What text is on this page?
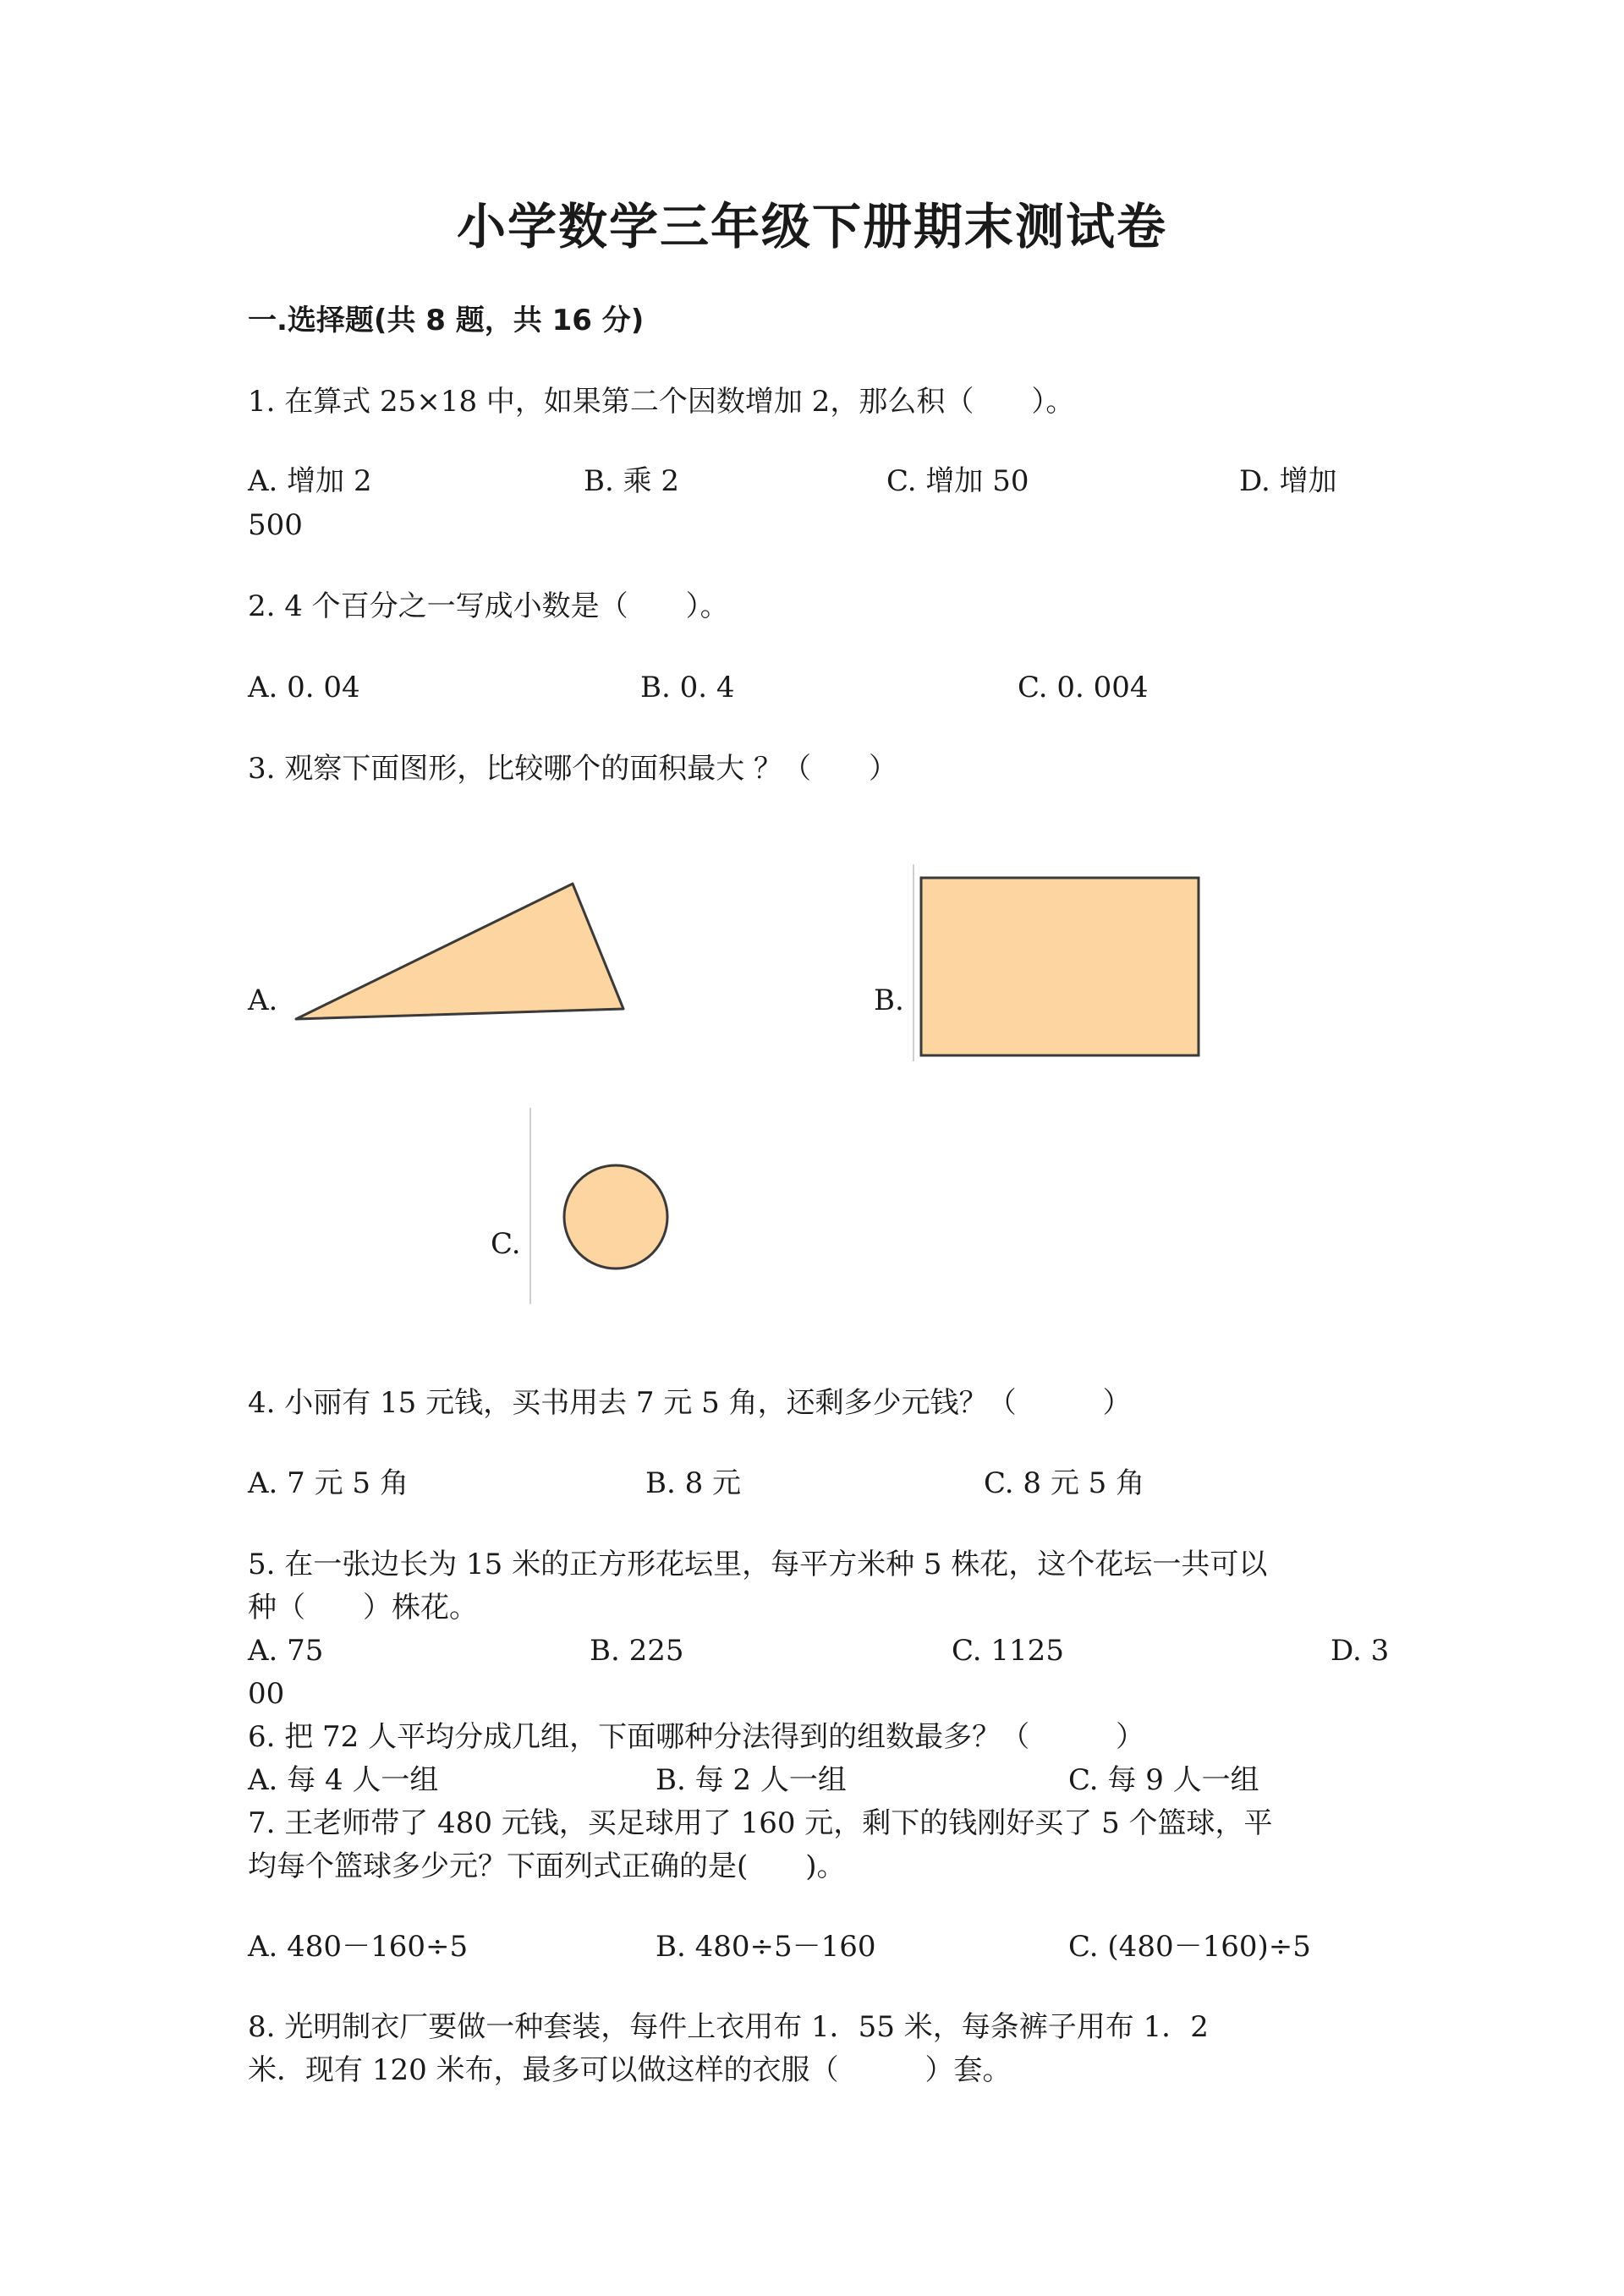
小学数学三年级下册期末测试卷
一.选择题(共 8 题，共 16 分)
1. 在算式 25×18 中，如果第二个因数增加 2，那么积（　　）。
A. 增加 2	B. 乘 2	C. 增加 50	D. 增加
500
2. 4 个百分之一写成小数是（　　）。
A. 0. 04	B. 0. 4	C. 0. 004
3. 观察下面图形，比较哪个的面积最大 ？（　　）
A.	B.
C.
4. 小丽有 15 元钱，买书用去 7 元 5 角，还剩多少元钱？（　　　）
A. 7 元 5 角	B. 8 元	C. 8 元 5 角
5. 在一张边长为 15 米的正方形花坛里，每平方米种 5 株花，这个花坛一共可以
种（　　）株花。
A. 75	B. 225	C. 1125	D. 3
00
6. 把 72 人平均分成几组，下面哪种分法得到的组数最多？（　　　）
A. 每 4 人一组	B. 每 2 人一组	C. 每 9 人一组
7. 王老师带了 480 元钱，买足球用了 160 元，剩下的钱刚好买了 5 个篮球，平
均每个篮球多少元？下面列式正确的是(　　)。
A. 480－160÷5	B. 480÷5－160	C. (480－160)÷5
8. 光明制衣厂要做一种套装，每件上衣用布 1．55 米，每条裤子用布 1．2
米．现有 120 米布，最多可以做这样的衣服（　　　）套。
